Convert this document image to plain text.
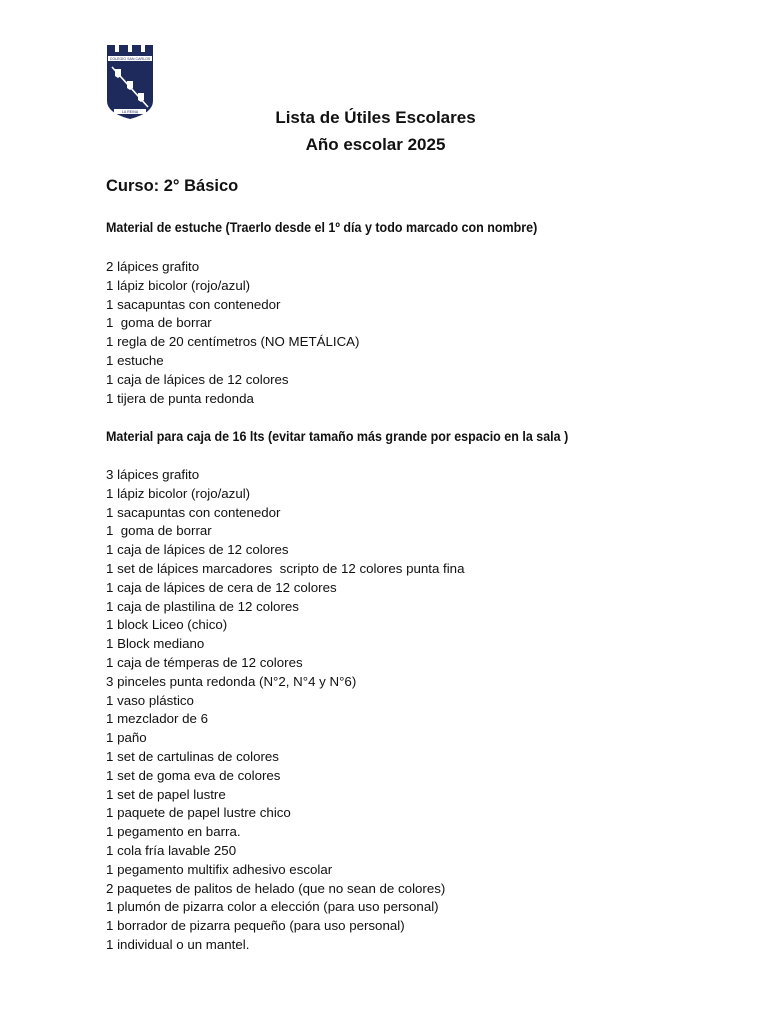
COLEGIO SAN CARLOS
LA REINA	Lista de Útiles Escolares
Año escolar 2025
Curso: 2° Básico
Material de estuche (Traerlo desde el 1º día y todo marcado con nombre)
2 lápices grafito
1 lápiz bicolor (rojo/azul)
1 sacapuntas con contenedor
1  goma de borrar
1 regla de 20 centímetros (NO METÁLICA)
1 estuche
1 caja de lápices de 12 colores
1 tijera de punta redonda
Material para caja de 16 lts (evitar tamaño más grande por espacio en la sala )
3 lápices grafito
1 lápiz bicolor (rojo/azul)
1 sacapuntas con contenedor
1  goma de borrar
1 caja de lápices de 12 colores
1 set de lápices marcadores  scripto de 12 colores punta fina
1 caja de lápices de cera de 12 colores
1 caja de plastilina de 12 colores
1 block Liceo (chico)
1 Block mediano
1 caja de témperas de 12 colores
3 pinceles punta redonda (N°2, N°4 y N°6)
1 vaso plástico
1 mezclador de 6
1 paño
1 set de cartulinas de colores
1 set de goma eva de colores
1 set de papel lustre
1 paquete de papel lustre chico
1 pegamento en barra.
1 cola fría lavable 250
1 pegamento multifix adhesivo escolar
2 paquetes de palitos de helado (que no sean de colores)
1 plumón de pizarra color a elección (para uso personal)
1 borrador de pizarra pequeño (para uso personal)
1 individual o un mantel.
